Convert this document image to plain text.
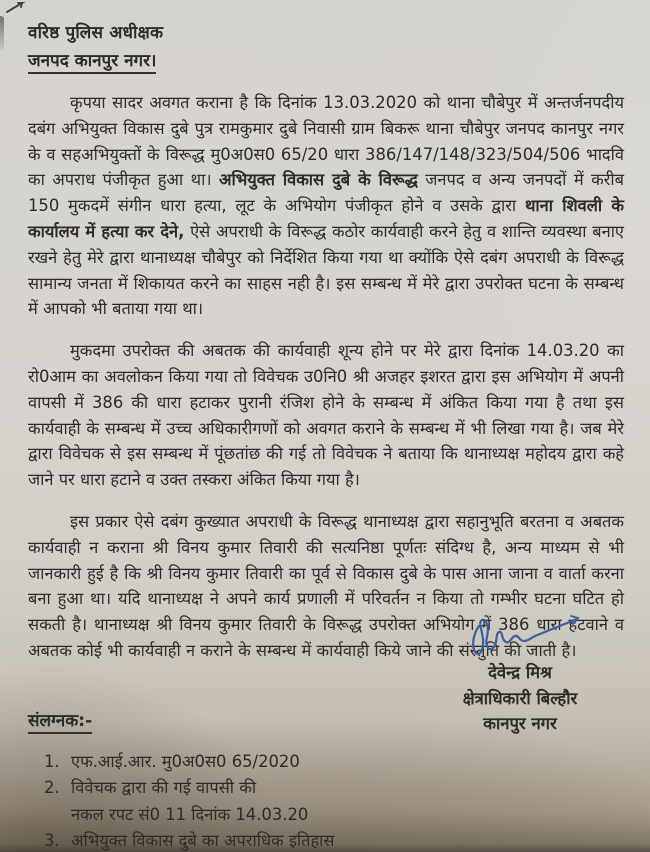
वरिष्ठ पुलिस अधीक्षक
जनपद कानपुर नगर।

कृपया सादर अवगत कराना है कि दिनांक 13.03.2020 को थाना चौबेपुर में अन्तर्जनपदीय दबंग अभियुक्त विकास दुबे पुत्र रामकुमार दुबे निवासी ग्राम बिकरू थाना चौबेपुर जनपद कानपुर नगर के व सहअभियुक्तों के विरूद्ध मु0अ0स0 65/20 धारा 386/147/148/323/504/506 भादवि का अपराध पंजीकृत हुआ था। अभियुक्त विकास दुबे के विरूद्ध जनपद व अन्य जनपदों में करीब 150 मुकदमें संगीन धारा हत्या, लूट के अभियोग पंजीकृत होने व उसके द्वारा थाना शिवली के कार्यालय में हत्या कर देने, ऐसे अपराधी के विरूद्ध कठोर कार्यवाही करने हेतु व शान्ति व्यवस्था बनाए रखने हेतु मेरे द्वारा थानाध्यक्ष चौबेपुर को निर्देशित किया गया था क्योंकि ऐसे दबंग अपराधी के विरूद्ध सामान्य जनता में शिकायत करने का साहस नही है। इस सम्बन्ध में मेरे द्वारा उपरोक्त घटना के सम्बन्ध में आपको भी बताया गया था।

मुकदमा उपरोक्त की अबतक की कार्यवाही शून्य होने पर मेरे द्वारा दिनांक 14.03.20 का रो0आम का अवलोकन किया गया तो विवेचक उ0नि0 श्री अजहर इशरत द्वारा इस अभियोग में अपनी वापसी में 386 की धारा हटाकर पुरानी रंजिश होने के सम्बन्ध में अंकित किया गया है तथा इस कार्यवाही के सम्बन्ध में उच्च अधिकारीगणों को अवगत कराने के सम्बन्ध में भी लिखा गया है। जब मेरे द्वारा विवेचक से इस सम्बन्ध में पूंछतांछ की गई तो विवेचक ने बताया कि थानाध्यक्ष महोदय द्वारा कहे जाने पर धारा हटाने व उक्त तस्करा अंकित किया गया है।

इस प्रकार ऐसे दबंग कुख्यात अपराधी के विरूद्ध थानाध्यक्ष द्वारा सहानुभूति बरतना व अबतक कार्यवाही न कराना श्री विनय कुमार तिवारी की सत्यनिष्ठा पूर्णतः संदिग्ध है, अन्य माध्यम से भी जानकारी हुई है कि श्री विनय कुमार तिवारी का पूर्व से विकास दुबे के पास आना जाना व वार्ता करना बना हुआ था। यदि थानाध्यक्ष ने अपने कार्य प्रणाली में परिवर्तन न किया तो गम्भीर घटना घटित हो सकती है। थानाध्यक्ष श्री विनय कुमार तिवारी के विरूद्ध उपरोक्त अभियोग में 386 धारा हटवाने व अबतक कोई भी कार्यवाही न कराने के सम्बन्ध में कार्यवाही किये जाने की संस्तुति की जाती है।

संलग्नक:-
1. एफ.आई.आर. मु0अ0स0 65/2020
2. विवेचक द्वारा की गई वापसी की
नकल रपट सं0 11 दिनांक 14.03.20
3. अभियुक्त विकास दुबे का अपराधिक इतिहास
देवेन्द्र मिश्र
क्षेत्राधिकारी बिल्हौर
कानपुर नगर
